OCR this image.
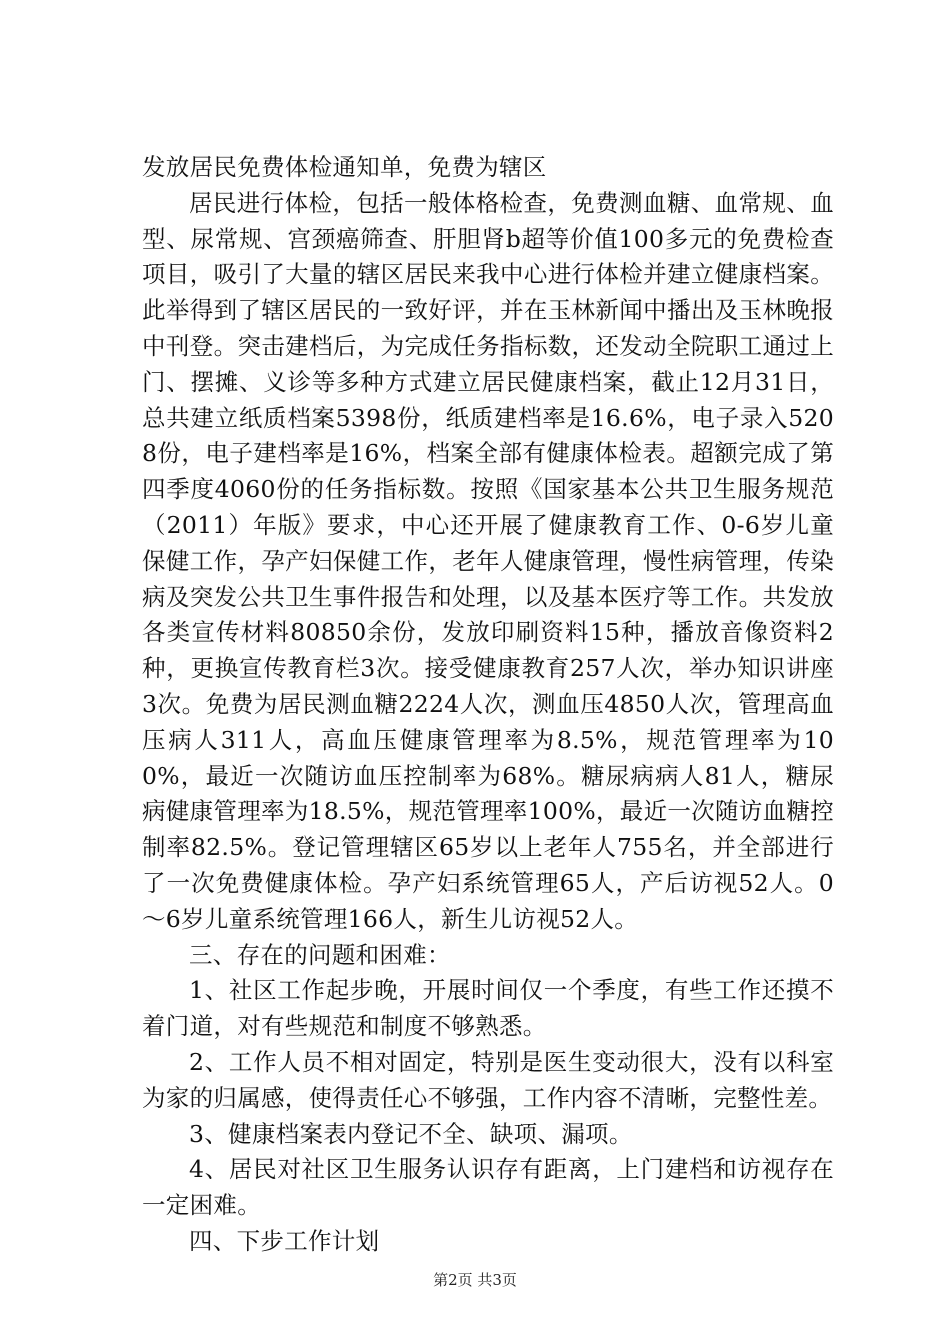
发放居民免费体检通知单，免费为辖区

居民进行体检，包括一般体格检查，免费测血糖、血常规、血型、尿常规、宫颈癌筛查、肝胆肾b超等价值100多元的免费检查项目，吸引了大量的辖区居民来我中心进行体检并建立健康档案。此举得到了辖区居民的一致好评，并在玉林新闻中播出及玉林晚报中刊登。突击建档后，为完成任务指标数，还发动全院职工通过上门、摆摊、义诊等多种方式建立居民健康档案，截止12月31日，总共建立纸质档案5398份，纸质建档率是16.6%，电子录入5208份，电子建档率是16%，档案全部有健康体检表。超额完成了第四季度4060份的任务指标数。按照《国家基本公共卫生服务规范（2011）年版》要求，中心还开展了健康教育工作、0-6岁儿童保健工作，孕产妇保健工作，老年人健康管理，慢性病管理，传染病及突发公共卫生事件报告和处理，以及基本医疗等工作。共发放各类宣传材料80850余份，发放印刷资料15种，播放音像资料2种，更换宣传教育栏3次。接受健康教育257人次，举办知识讲座3次。免费为居民测血糖2224人次，测血压4850人次，管理高血压病人311人，高血压健康管理率为8.5%，规范管理率为100%，最近一次随访血压控制率为68%。糖尿病病人81人，糖尿病健康管理率为18.5%，规范管理率100%，最近一次随访血糖控制率82.5%。登记管理辖区65岁以上老年人755名，并全部进行了一次免费健康体检。孕产妇系统管理65人，产后访视52人。0～6岁儿童系统管理166人，新生儿访视52人。

三、存在的问题和困难：

1、社区工作起步晚，开展时间仅一个季度，有些工作还摸不着门道，对有些规范和制度不够熟悉。

2、工作人员不相对固定，特别是医生变动很大，没有以科室为家的归属感，使得责任心不够强，工作内容不清晰，完整性差。

3、健康档案表内登记不全、缺项、漏项。

4、居民对社区卫生服务认识存有距离，上门建档和访视存在一定困难。

四、下步工作计划

第2页 共3页
